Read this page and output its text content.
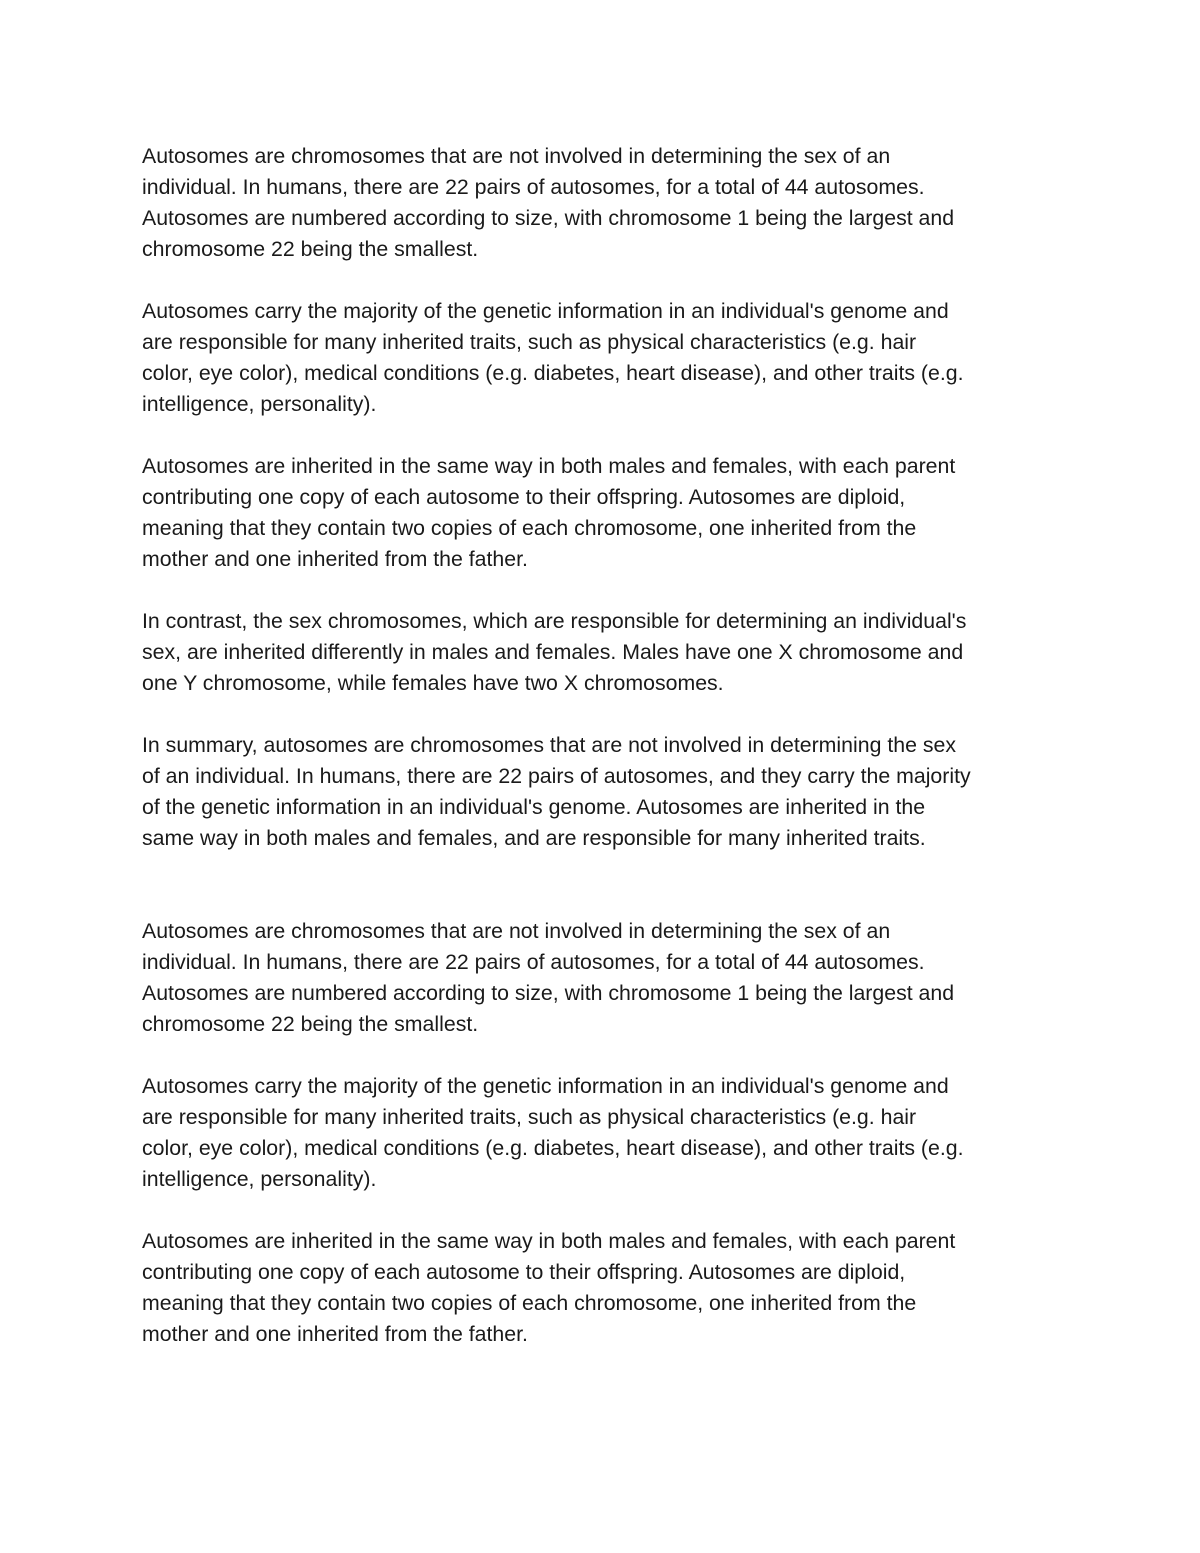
Autosomes are chromosomes that are not involved in determining the sex of an
individual. In humans, there are 22 pairs of autosomes, for a total of 44 autosomes.
Autosomes are numbered according to size, with chromosome 1 being the largest and
chromosome 22 being the smallest.

Autosomes carry the majority of the genetic information in an individual's genome and
are responsible for many inherited traits, such as physical characteristics (e.g. hair
color, eye color), medical conditions (e.g. diabetes, heart disease), and other traits (e.g.
intelligence, personality).

Autosomes are inherited in the same way in both males and females, with each parent
contributing one copy of each autosome to their offspring. Autosomes are diploid,
meaning that they contain two copies of each chromosome, one inherited from the
mother and one inherited from the father.

In contrast, the sex chromosomes, which are responsible for determining an individual's
sex, are inherited differently in males and females. Males have one X chromosome and
one Y chromosome, while females have two X chromosomes.

In summary, autosomes are chromosomes that are not involved in determining the sex
of an individual. In humans, there are 22 pairs of autosomes, and they carry the majority
of the genetic information in an individual's genome. Autosomes are inherited in the
same way in both males and females, and are responsible for many inherited traits.

Autosomes are chromosomes that are not involved in determining the sex of an
individual. In humans, there are 22 pairs of autosomes, for a total of 44 autosomes.
Autosomes are numbered according to size, with chromosome 1 being the largest and
chromosome 22 being the smallest.

Autosomes carry the majority of the genetic information in an individual's genome and
are responsible for many inherited traits, such as physical characteristics (e.g. hair
color, eye color), medical conditions (e.g. diabetes, heart disease), and other traits (e.g.
intelligence, personality).

Autosomes are inherited in the same way in both males and females, with each parent
contributing one copy of each autosome to their offspring. Autosomes are diploid,
meaning that they contain two copies of each chromosome, one inherited from the
mother and one inherited from the father.
